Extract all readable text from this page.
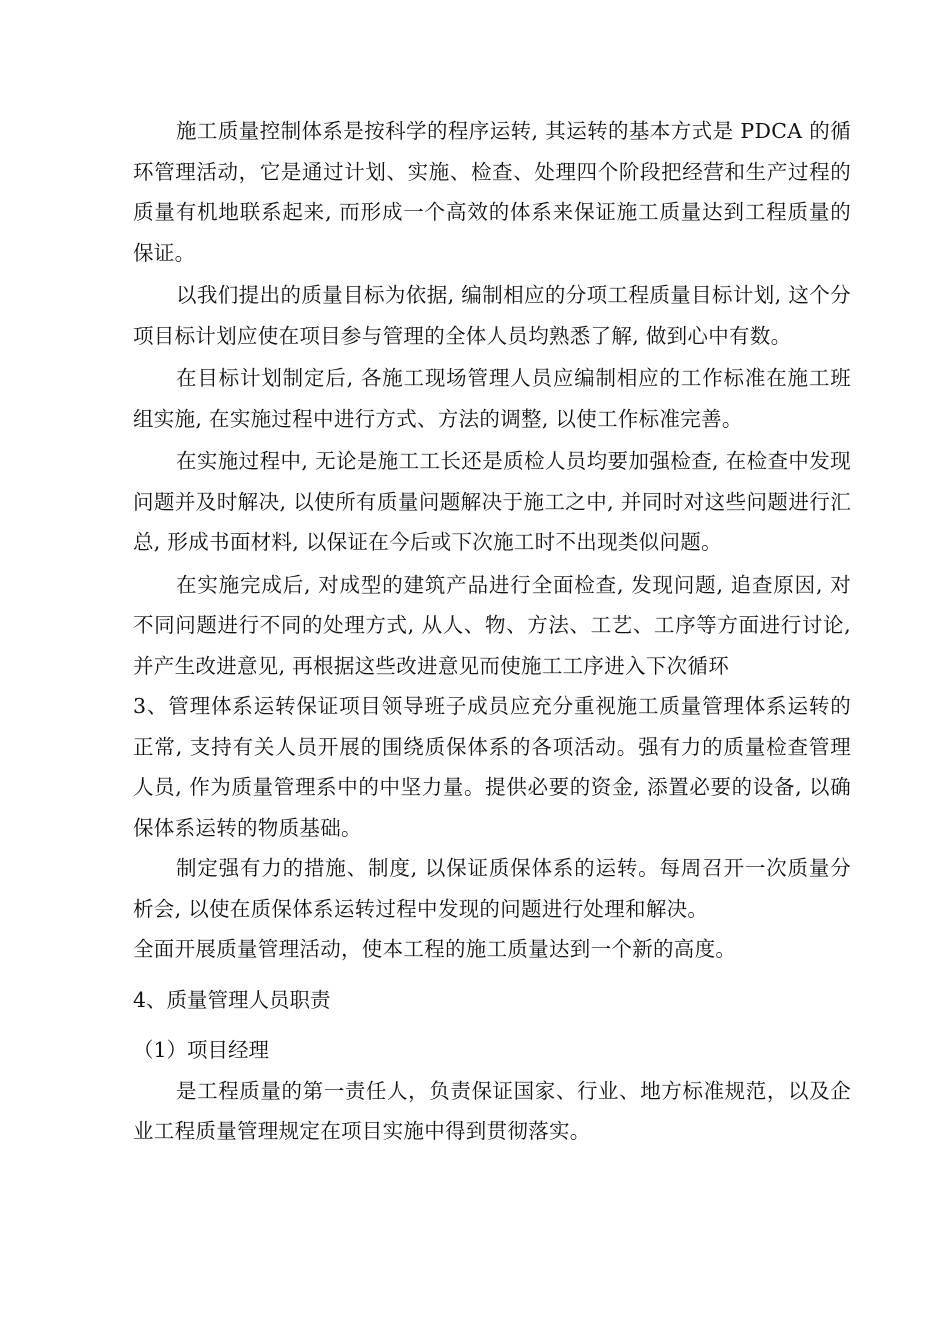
施工质量控制体系是按科学的程序运转, 其运转的基本方式是 PDCA 的循环管理活动，它是通过计划、实施、检查、处理四个阶段把经营和生产过程的质量有机地联系起来, 而形成一个高效的体系来保证施工质量达到工程质量的保证。

以我们提出的质量目标为依据, 编制相应的分项工程质量目标计划, 这个分项目标计划应使在项目参与管理的全体人员均熟悉了解, 做到心中有数。

在目标计划制定后, 各施工现场管理人员应编制相应的工作标准在施工班组实施, 在实施过程中进行方式、方法的调整, 以使工作标准完善。

在实施过程中, 无论是施工工长还是质检人员均要加强检查, 在检查中发现问题并及时解决, 以使所有质量问题解决于施工之中, 并同时对这些问题进行汇总, 形成书面材料, 以保证在今后或下次施工时不出现类似问题。

在实施完成后, 对成型的建筑产品进行全面检查, 发现问题, 追查原因, 对不同问题进行不同的处理方式, 从人、物、方法、工艺、工序等方面进行讨论, 并产生改进意见, 再根据这些改进意见而使施工工序进入下次循环

3、管理体系运转保证项目领导班子成员应充分重视施工质量管理体系运转的正常, 支持有关人员开展的围绕质保体系的各项活动。强有力的质量检查管理人员, 作为质量管理系中的中坚力量。提供必要的资金, 添置必要的设备, 以确保体系运转的物质基础。

制定强有力的措施、制度, 以保证质保体系的运转。每周召开一次质量分析会, 以使在质保体系运转过程中发现的问题进行处理和解决。

全面开展质量管理活动，使本工程的施工质量达到一个新的高度。

4、质量管理人员职责

（1）项目经理

是工程质量的第一责任人，负责保证国家、行业、地方标准规范，以及企业工程质量管理规定在项目实施中得到贯彻落实。
